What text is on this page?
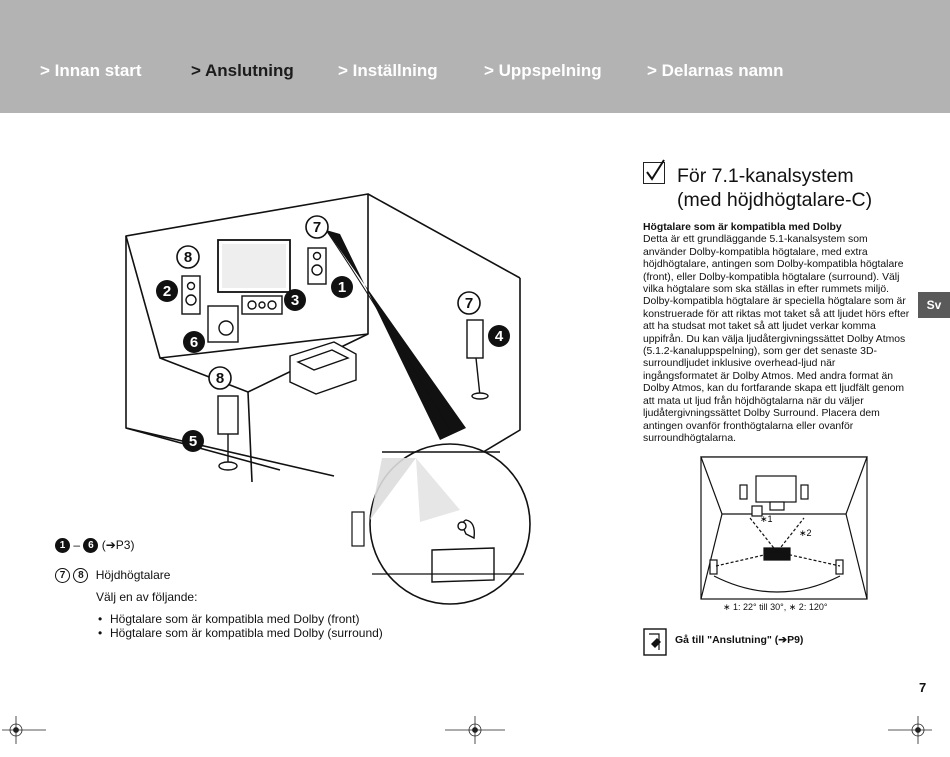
> Innan start	> Anslutning	> Inställning	> Uppspelning	> Delarnas namn
Sv
7
2
8
3
7
1
6
7
4
8
5
1 – 6 (➔P3)
7 8 Höjdhögtalare
Välj en av följande:
• Högtalare som är kompatibla med Dolby (front)
• Högtalare som är kompatibla med Dolby (surround)
För 7.1-kanalsystem
(med höjdhögtalare-C)
Högtalare som är kompatibla med Dolby
Detta är ett grundläggande 5.1-kanalsystem som använder Dolby-kompatibla högtalare, med extra höjdhögtalare, antingen som Dolby-kompatibla högtalare (front), eller Dolby-kompatibla högtalare (surround). Välj vilka högtalare som ska ställas in efter rummets miljö. Dolby-kompatibla högtalare är speciella högtalare som är konstruerade för att riktas mot taket så att ljudet hörs efter att ha studsat mot taket så att ljudet verkar komma uppifrån. Du kan välja ljudåtergivningssättet Dolby Atmos (5.1.2-kanaluppspelning), som ger det senaste 3D-surroundljudet inklusive overhead-ljud när ingångsformatet är Dolby Atmos. Med andra format än Dolby Atmos, kan du fortfarande skapa ett ljudfält genom att mata ut ljud från höjdhögtalarna när du väljer ljudåtergivningssättet Dolby Surround. Placera dem antingen ovanför fronthögtalarna eller ovanför surroundhögtalarna.
∗1
∗2
∗ 1: 22° till 30°, ∗ 2: 120°
Gå till "Anslutning" (➔P9)
